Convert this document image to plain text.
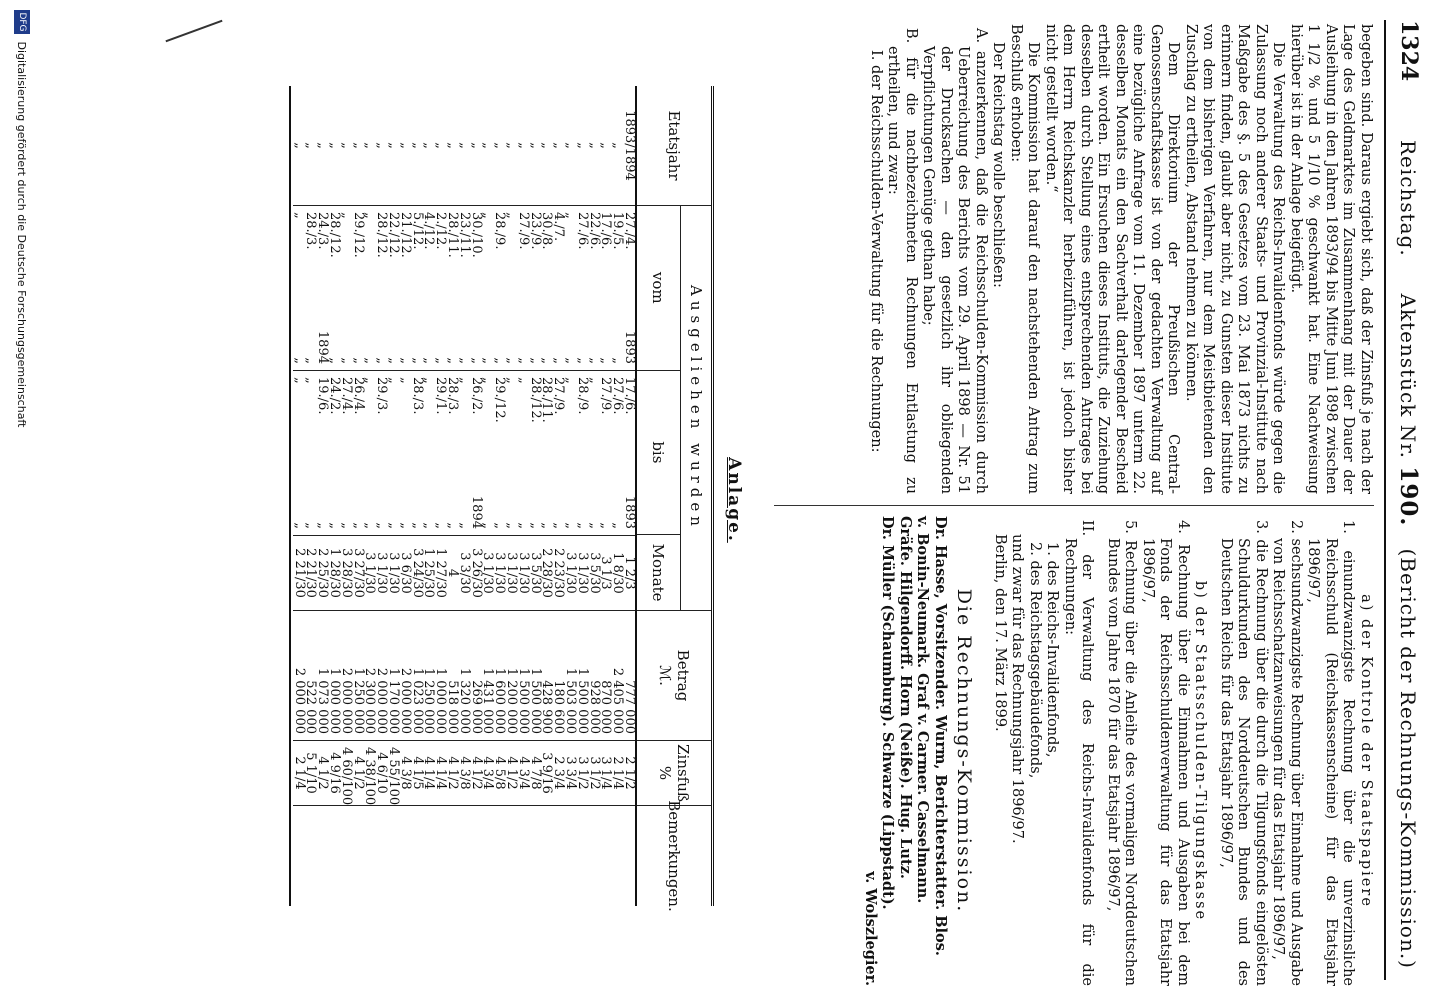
1324
Reichstag.     Aktenstück Nr. 190.   (Bericht der Rechnungs-Kommission.)

begeben sind. Daraus ergiebt sich, daß der Zinsfuß je nach der Lage des Geldmarktes im Zusammenhang mit der Dauer der Ausleihung in den Jahren 1893/94 bis Mitte Juni 1898 zwischen 1 1/2 % und 5 1/10 % geschwankt hat. Eine Nachweisung hierüber ist in der Anlage beigefügt.

Die Verwaltung des Reichs-Invalidenfonds würde gegen die Zulassung noch anderer Staats- und Provinzial-Institute nach Maßgabe des §. 5 des Gesetzes vom 23. Mai 1873 nichts zu erinnern finden, glaubt aber nicht, zu Gunsten dieser Institute von dem bisherigen Verfahren, nur dem Meistbietenden den Zuschlag zu ertheilen, Abstand nehmen zu können.

Dem Direktorium der Preußischen Central-Genossenschaftskasse ist von der gedachten Verwaltung auf eine bezügliche Anfrage vom 11. Dezember 1897 unterm 22. desselben Monats ein den Sachverhalt darlegender Bescheid ertheilt worden. Ein Ersuchen dieses Instituts, die Zuziehung desselben durch Stellung eines entsprechenden Antrages bei dem Herrn Reichskanzler herbeizuführen, ist jedoch bisher nicht gestellt worden.“

Die Kommission hat darauf den nachstehenden Antrag zum Beschluß erhoben:

Der Reichstag wolle beschließen:

A. anzuerkennen, daß die Reichsschulden-Kommission durch Ueberreichung des Berichts vom 29. April 1898 — Nr. 51 der Drucksachen — den gesetzlich ihr obliegenden Verpflichtungen Genüge gethan habe;

B. für die nachbezeichneten Rechnungen Entlastung zu ertheilen, und zwar:

I. der Reichsschulden-Verwaltung für die Rechnungen:

a) der Kontrole der Staatspapiere

1. einundzwanzigste Rechnung über die unverzinsliche Reichsschuld (Reichskassenscheine) für das Etatsjahr 1896/97,

2. sechsundzwanzigste Rechnung über Einnahme und Ausgabe von Reichsschatzanweisungen für das Etatsjahr 1896/97,

3. die Rechnung über die durch die Tilgungsfonds eingelösten Schuldurkunden des Norddeutschen Bundes und des Deutschen Reichs für das Etatsjahr 1896/97,

b) der Staatsschulden-Tilgungskasse

4. Rechnung über die Einnahmen und Ausgaben bei dem Fonds der Reichsschuldenverwaltung für das Etatsjahr 1896/97,

5. Rechnung über die Anleihe des vormaligen Norddeutschen Bundes vom Jahre 1870 für das Etatsjahr 1896/97,

II. der Verwaltung des Reichs-Invalidenfonds für die Rechnungen:

1. des Reichs-Invalidenfonds,

2. des Reichstagsgebäudefonds,

und zwar für das Rechnungsjahr 1896/97.

Berlin, den 17. März 1899.

Die Rechnungs-Kommission.

Dr. Hasse, Vorsitzender. Wurm, Berichterstatter. Blos.

v. Bonin-Neumark. Graf v. Carmer. Casselmann.

Gräfe. Hilgendorff. Horn (Neiße). Hug. Lutz.

Dr. Müller (Schaumburg). Schwarze (Lippstadt).

v. Wolszlegier.

Anlage.
Etatsjahr
Ausgeliehen wurden
vom
bis
Monate
Betrag
ℳ.
Zinsfuß
%
Bemerkungen.
1893/1894
27./4.
1893
17./6.
1893
1 2/3
777 000
2 1/2

„
19./5.
„
27./6.
„
1 8/30
2 405 000
2 1/4

„
17./6.
„
27./9.
„
3 1/3
870 000
3 1/4

„
22./6.
„
„
„
3 5/30
928 000
3 1/2

„
27./6.
„
28./9.
„
3 1/30
1 500 000
3 1/2

„
„
„
„
„
3 1/30
1 503 000
3 3/4

„
4./7.
„
27./9.
„
2 23/30
180 600
2 3/4

„
30./8.
„
28./11.
„
2 28/30
428 900
3 9/16

„
23./9.
„
28./12.
„
3 5/30
1 500 000
4 7/8

„
27./9.
„
„
„
3 1/30
1 500 000
4 3/4

„
„
„
„
„
3 1/30
1 200 000
4 1/2

„
28./9.
„
29./12.
„
3 1/30
1 600 000
4 5/8

„
„
„
„
„
3 1/30
1 431 000
4 3/4

„
30./10.
„
26./2.
1894
3 26/30
269 000
4 1/2

„
23./11.
„
„
„
3 3/30
1 320 000
4 3/8

„
28./11.
„
28./3.
„
4
518 000
4 1/2

„
2./12.
„
29./1.
„
1 27/30
1 000 000
4 1/4

„
4./12.
„
„
„
1 25/30
1 250 000
4 1/4

„
5./12.
„
28./3.
„
3 24/30
1 023 000
4 1/5

„
21./12.
„
„
„
3 6/30
2 000 000
4 3/8

„
22./12.
„
„
„
3 1/30
1 170 000
4 55/100

„
28./12.
„
29./3.
„
3 1/30
2 000 000
4 6/10

„
„
„
„
„
3 1/30
2 300 000
4 38/100

„
29./12.
„
26./4.
„
3 27/30
1 250 000
4 1/2

„
„
„
27./4.
„
3 28/30
2 000 000
4 60/100

„
28./12.
„
24./2.
„
1 28/30
1 000 000
4 9/16

„
24./3.
1894
19./6.
„
2 25/30
1 073 000
4 1/2

„
28./3.
„
„
„
2 21/30
522 000
5 1/10

„
„
„
„
„
2 21/30
2 000 000
2 1/4

DFG Digitalisierung gefördert durch die Deutsche Forschungsgemeinschaft
